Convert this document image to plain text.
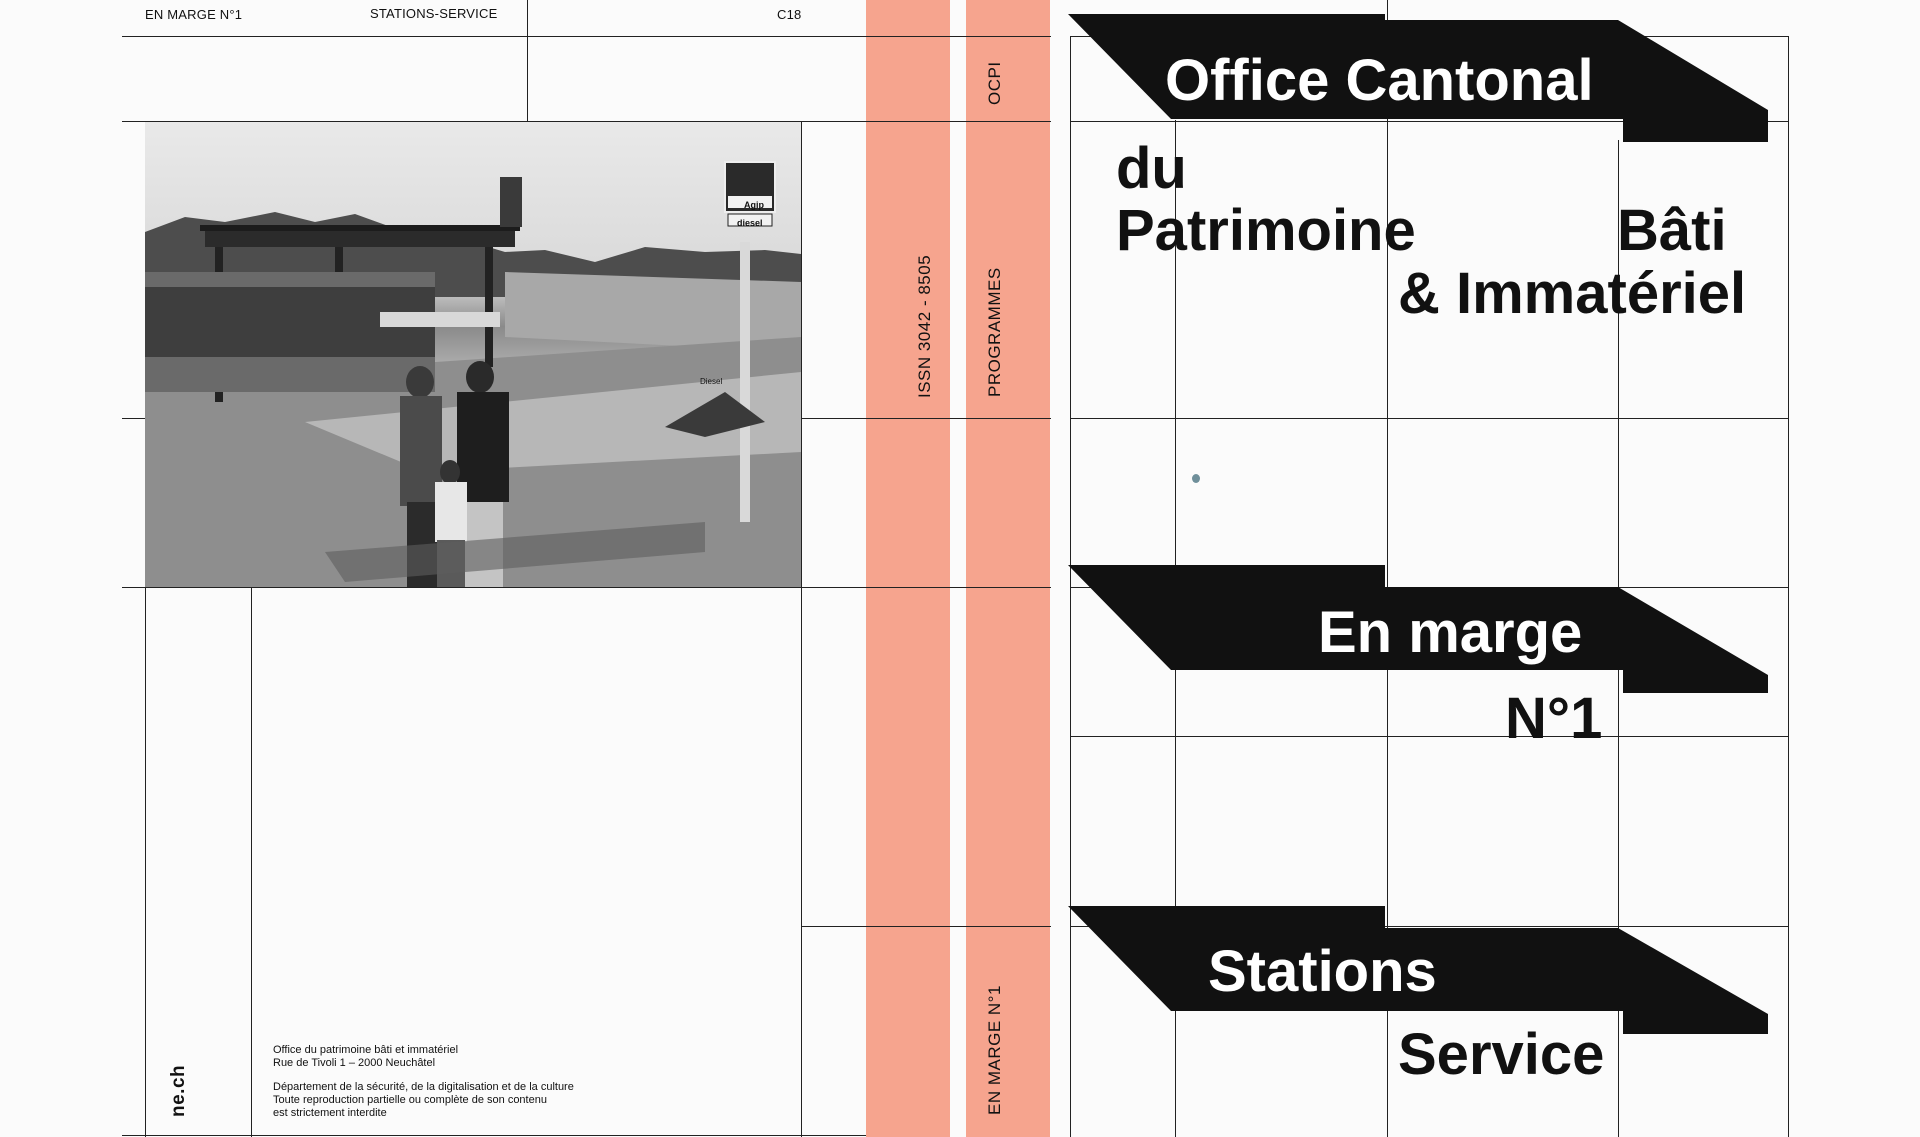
EN MARGE N°1	STATIONS-SERVICE	C18
Agip
diesel
Diesel
ne.ch
Office du patrimoine bâti et immatériel
Rue de Tivoli 1 – 2000 Neuchâtel
Département de la sécurité, de la digitalisation et de la culture
Toute reproduction partielle ou complète de son contenu
est strictement interdite
ISSN 3042 - 8505
OCPI
PROGRAMMES
EN MARGE N°1
Office Cantonal
du
Patrimoine	Bâti
& Immatériel
En marge
N°1
Stations
Service
